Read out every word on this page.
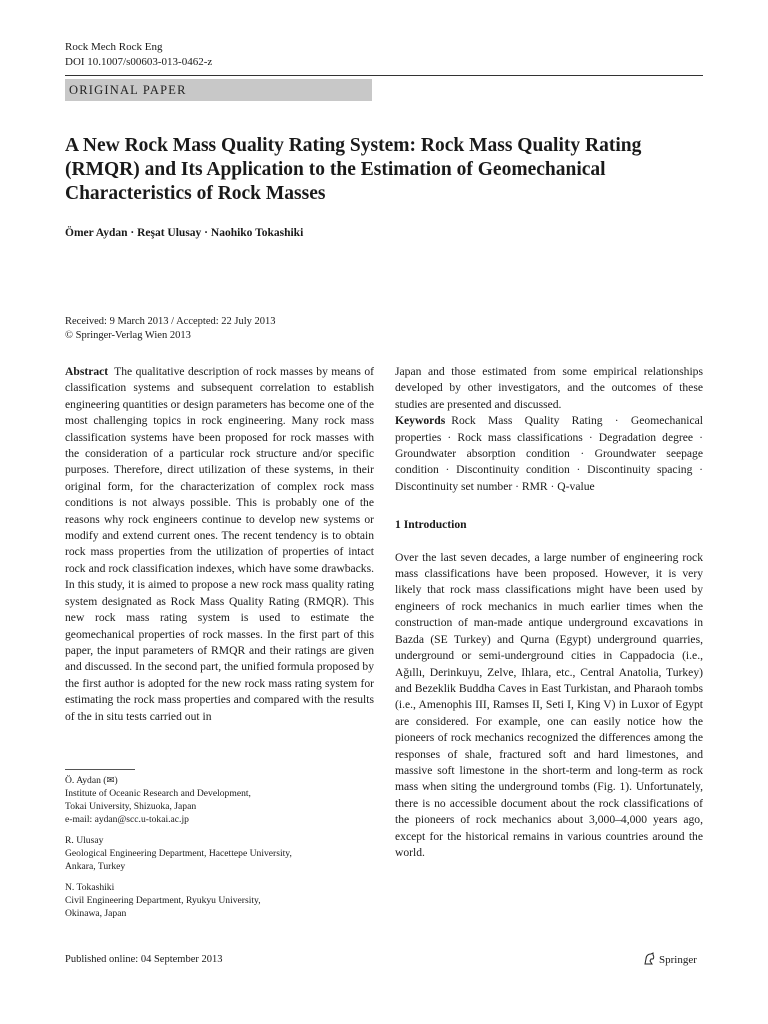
Rock Mech Rock Eng
DOI 10.1007/s00603-013-0462-z
ORIGINAL PAPER
A New Rock Mass Quality Rating System: Rock Mass Quality Rating (RMQR) and Its Application to the Estimation of Geomechanical Characteristics of Rock Masses
Ömer Aydan · Reşat Ulusay · Naohiko Tokashiki
Received: 9 March 2013 / Accepted: 22 July 2013
© Springer-Verlag Wien 2013

Abstract The qualitative description of rock masses by means of classification systems and subsequent correlation to establish engineering quantities or design parameters has become one of the most challenging topics in rock engineering. Many rock mass classification systems have been proposed for rock masses with the consideration of a particular rock structure and/or specific purposes. Therefore, direct utilization of these systems, in their original form, for the characterization of complex rock mass conditions is not always possible. This is probably one of the reasons why rock engineers continue to develop new systems or modify and extend current ones. The recent tendency is to obtain rock mass properties from the utilization of properties of intact rock and rock classification indexes, which have some drawbacks. In this study, it is aimed to propose a new rock mass quality rating system designated as Rock Mass Quality Rating (RMQR). This new rock mass rating system is used to estimate the geomechanical properties of rock masses. In the first part of this paper, the input parameters of RMQR and their ratings are given and discussed. In the second part, the unified formula proposed by the first author is adopted for the new rock mass rating system for estimating the rock mass properties and compared with the results of the in situ tests carried out in

Ö. Aydan (✉)
Institute of Oceanic Research and Development,
Tokai University, Shizuoka, Japan
e-mail: aydan@scc.u-tokai.ac.jp

R. Ulusay
Geological Engineering Department, Hacettepe University,
Ankara, Turkey

N. Tokashiki
Civil Engineering Department, Ryukyu University,
Okinawa, Japan

Japan and those estimated from some empirical relationships developed by other investigators, and the outcomes of these studies are presented and discussed.

Keywords Rock Mass Quality Rating · Geomechanical properties · Rock mass classifications · Degradation degree · Groundwater absorption condition · Groundwater seepage condition · Discontinuity condition · Discontinuity spacing · Discontinuity set number · RMR · Q-value

1 Introduction

Over the last seven decades, a large number of engineering rock mass classifications have been proposed. However, it is very likely that rock mass classifications might have been used by engineers of rock mechanics in much earlier times when the construction of man-made antique underground excavations in Bazda (SE Turkey) and Qurna (Egypt) underground quarries, underground or semi-underground cities in Cappadocia (i.e., Ağıllı, Derinkuyu, Zelve, Ihlara, etc., Central Anatolia, Turkey) and Bezeklik Buddha Caves in East Turkistan, and Pharaoh tombs (i.e., Amenophis III, Ramses II, Seti I, King V) in Luxor of Egypt are considered. For example, one can easily notice how the pioneers of rock mechanics recognized the differences among the responses of shale, fractured soft and hard limestones, and massive soft limestone in the short-term and long-term as rock mass when siting the underground tombs (Fig. 1). Unfortunately, there is no accessible document about the rock classifications of the pioneers of rock mechanics about 3,000–4,000 years ago, except for the historical remains in various countries around the world.

Published online: 04 September 2013	Springer
